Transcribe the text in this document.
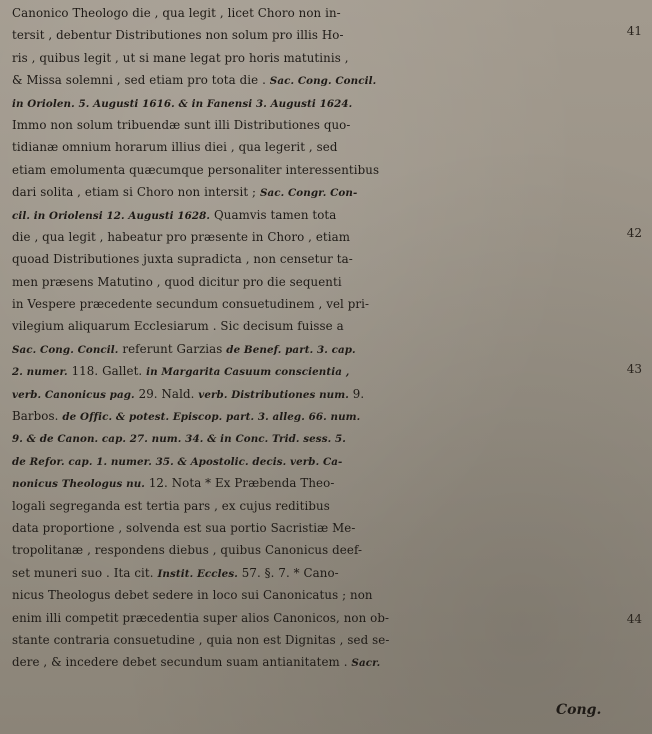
Canonico Theologo die , qua legit , licet Choro non in-
tersit , debentur Distributiones non solum pro illis Ho-
ris , quibus legit , ut si mane legat pro horis matutinis ,
& Missa solemni , sed etiam pro tota die . Sac. Cong. Concil.
in Oriolen. 5. Augusti 1616. & in Fanensi 3. Augusti 1624.
Immo non solum tribuendæ sunt illi Distributiones quo-
tidianæ omnium horarum illius diei , qua legerit , sed
etiam emolumenta quæcumque personaliter interessentibus
dari solita , etiam si Choro non intersit ; Sac. Congr. Con-
cil. in Oriolensi 12. Augusti 1628. Quamvis tamen tota
die , qua legit , habeatur pro præsente in Choro , etiam
quoad Distributiones juxta supradicta , non censetur ta-
men præsens Matutino , quod dicitur pro die sequenti
in Vespere præcedente secundum consuetudinem , vel pri-
vilegium aliquarum Ecclesiarum . Sic decisum fuisse a
Sac. Cong. Concil. referunt Garzias de Benef. part. 3. cap.
2. numer. 118. Gallet. in Margarita Casuum conscientia ,
verb. Canonicus pag. 29. Nald. verb. Distributiones num. 9.
Barbos. de Offic. & potest. Episcop. part. 3. alleg. 66. num.
9. & de Canon. cap. 27. num. 34. & in Conc. Trid. sess. 5.
de Refor. cap. 1. numer. 35. & Apostolic. decis. verb. Ca-
nonicus Theologus nu. 12. Nota * Ex Præbenda Theo-
logali segreganda est tertia pars , ex cujus reditibus
data proportione , solvenda est sua portio Sacristiæ Me-
tropolitanæ , respondens diebus , quibus Canonicus deef-
set muneri suo . Ita cit. Instit. Eccles. 57. §. 7. * Cano-
nicus Theologus debet sedere in loco sui Canonicatus ; non
enim illi competit præcedentia super alios Canonicos, non ob-
stante contraria consuetudine , quia non est Dignitas , sed se-
dere , & incedere debet secundum suam antianitatem . Sacr.
Cong.
41
42
43
44
